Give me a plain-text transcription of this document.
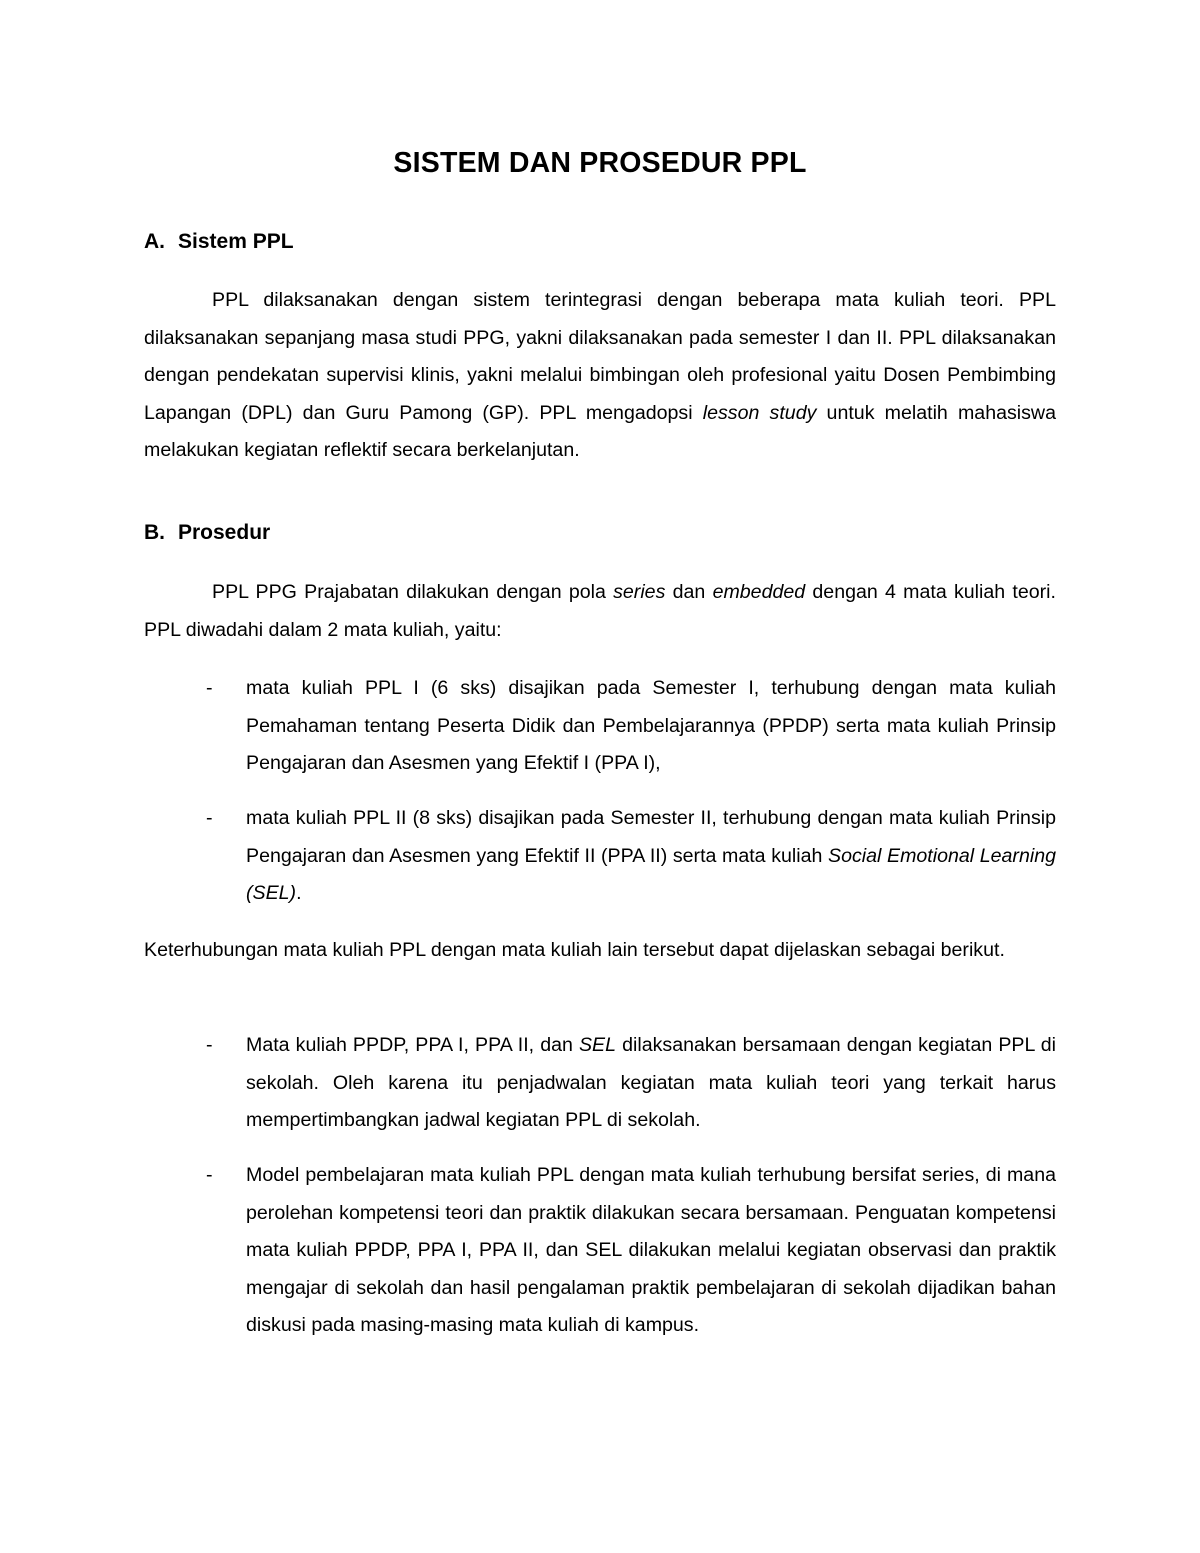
SISTEM DAN PROSEDUR PPL
A. Sistem PPL

PPL dilaksanakan dengan sistem terintegrasi dengan beberapa mata kuliah teori. PPL dilaksanakan sepanjang masa studi PPG, yakni dilaksanakan pada semester I dan II. PPL dilaksanakan dengan pendekatan supervisi klinis, yakni melalui bimbingan oleh profesional yaitu Dosen Pembimbing Lapangan (DPL) dan Guru Pamong (GP). PPL mengadopsi lesson study untuk melatih mahasiswa melakukan kegiatan reflektif secara berkelanjutan.

B. Prosedur

PPL PPG Prajabatan dilakukan dengan pola series dan embedded dengan 4 mata kuliah teori. PPL diwadahi dalam 2 mata kuliah, yaitu:

- mata kuliah PPL I (6 sks) disajikan pada Semester I, terhubung dengan mata kuliah Pemahaman tentang Peserta Didik dan Pembelajarannya (PPDP) serta mata kuliah Prinsip Pengajaran dan Asesmen yang Efektif I (PPA I),

- mata kuliah PPL II (8 sks) disajikan pada Semester II, terhubung dengan mata kuliah Prinsip Pengajaran dan Asesmen yang Efektif II (PPA II) serta mata kuliah Social Emotional Learning (SEL).

Keterhubungan mata kuliah PPL dengan mata kuliah lain tersebut dapat dijelaskan sebagai berikut.

- Mata kuliah PPDP, PPA I, PPA II, dan SEL dilaksanakan bersamaan dengan kegiatan PPL di sekolah. Oleh karena itu penjadwalan kegiatan mata kuliah teori yang terkait harus mempertimbangkan jadwal kegiatan PPL di sekolah.

- Model pembelajaran mata kuliah PPL dengan mata kuliah terhubung bersifat series, di mana perolehan kompetensi teori dan praktik dilakukan secara bersamaan. Penguatan kompetensi mata kuliah PPDP, PPA I, PPA II, dan SEL dilakukan melalui kegiatan observasi dan praktik mengajar di sekolah dan hasil pengalaman praktik pembelajaran di sekolah dijadikan bahan diskusi pada masing-masing mata kuliah di kampus.
